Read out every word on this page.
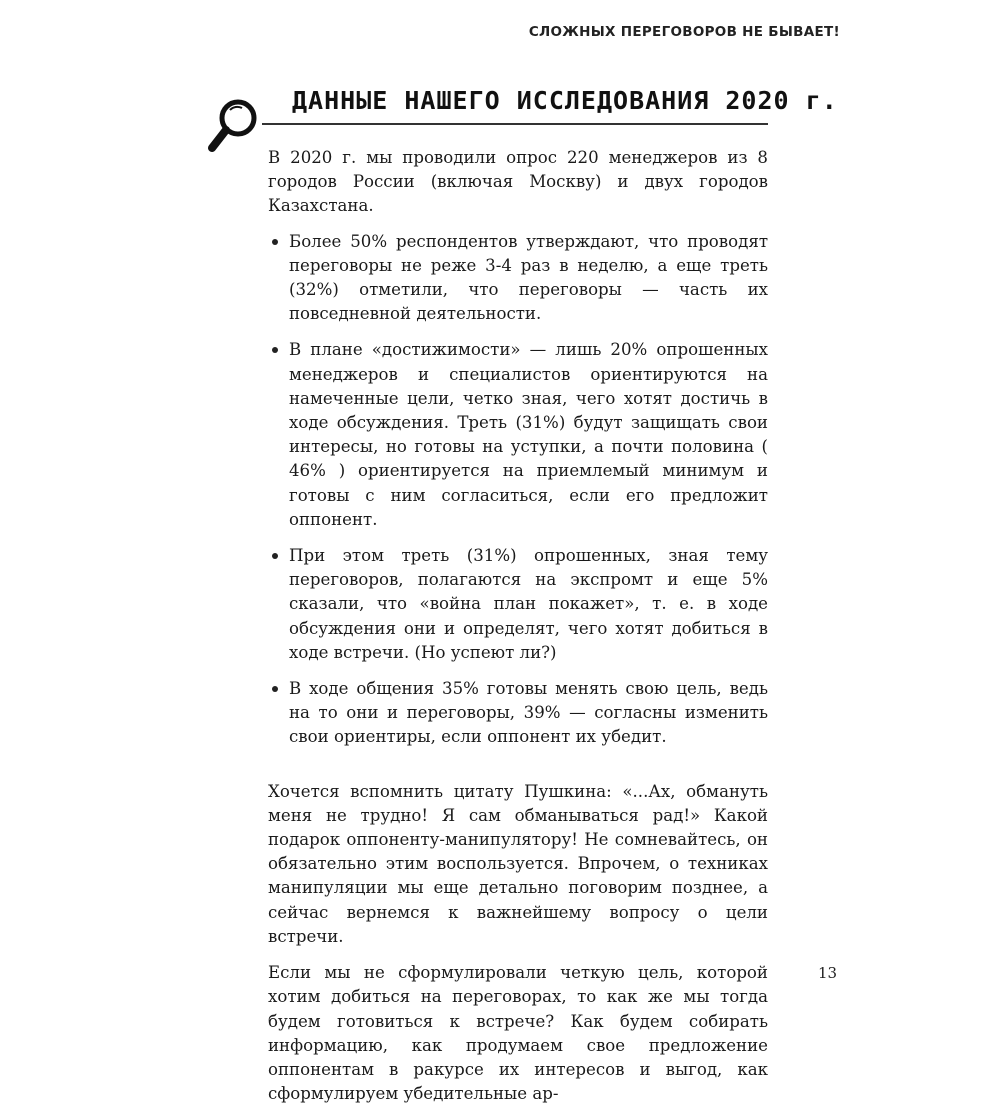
СЛОЖНЫХ ПЕРЕГОВОРОВ НЕ БЫВАЕТ!
ДАННЫЕ НАШЕГО ИССЛЕДОВАНИЯ 2020 г.

В 2020 г. мы проводили опрос 220 менеджеров из 8 городов России (включая Москву) и двух городов Казахстана.

Более 50% респондентов утверждают, что проводят переговоры не реже 3-4 раз в неделю, а еще треть (32%) отметили, что переговоры — часть их повседневной деятельности.
В плане «достижимости» — лишь 20% опрошенных менеджеров и специалистов ориентируются на намеченные цели, четко зная, чего хотят достичь в ходе обсуждения. Треть (31%) будут защищать свои интересы, но готовы на уступки, а почти половина ( 46% ) ориентируется на приемлемый минимум и готовы с ним согласиться, если его предложит оппонент.
При этом треть (31%) опрошенных, зная тему переговоров, полагаются на экспромт и еще 5% сказали, что «война план покажет», т. е. в ходе обсуждения они и определят, чего хотят добиться в ходе встречи. (Но успеют ли?)
В ходе общения 35% готовы менять свою цель, ведь на то они и переговоры, 39% — согласны изменить свои ориентиры, если оппонент их убедит.

Хочется вспомнить цитату Пушкина: «...Ах, обмануть меня не трудно! Я сам обманываться рад!» Какой подарок оппоненту-манипулятору! Не сомневайтесь, он обязательно этим воспользуется. Впрочем, о техниках манипуляции мы еще детально поговорим позднее, а сейчас вернемся к важнейшему вопросу о цели встречи.

Если мы не сформулировали четкую цель, которой хотим добиться на переговорах, то как же мы тогда будем готовиться к встрече? Как будем собирать информацию, как продумаем свое предложение оппонентам в ракурсе их интересов и выгод, как сформулируем убедительные ар-

13
